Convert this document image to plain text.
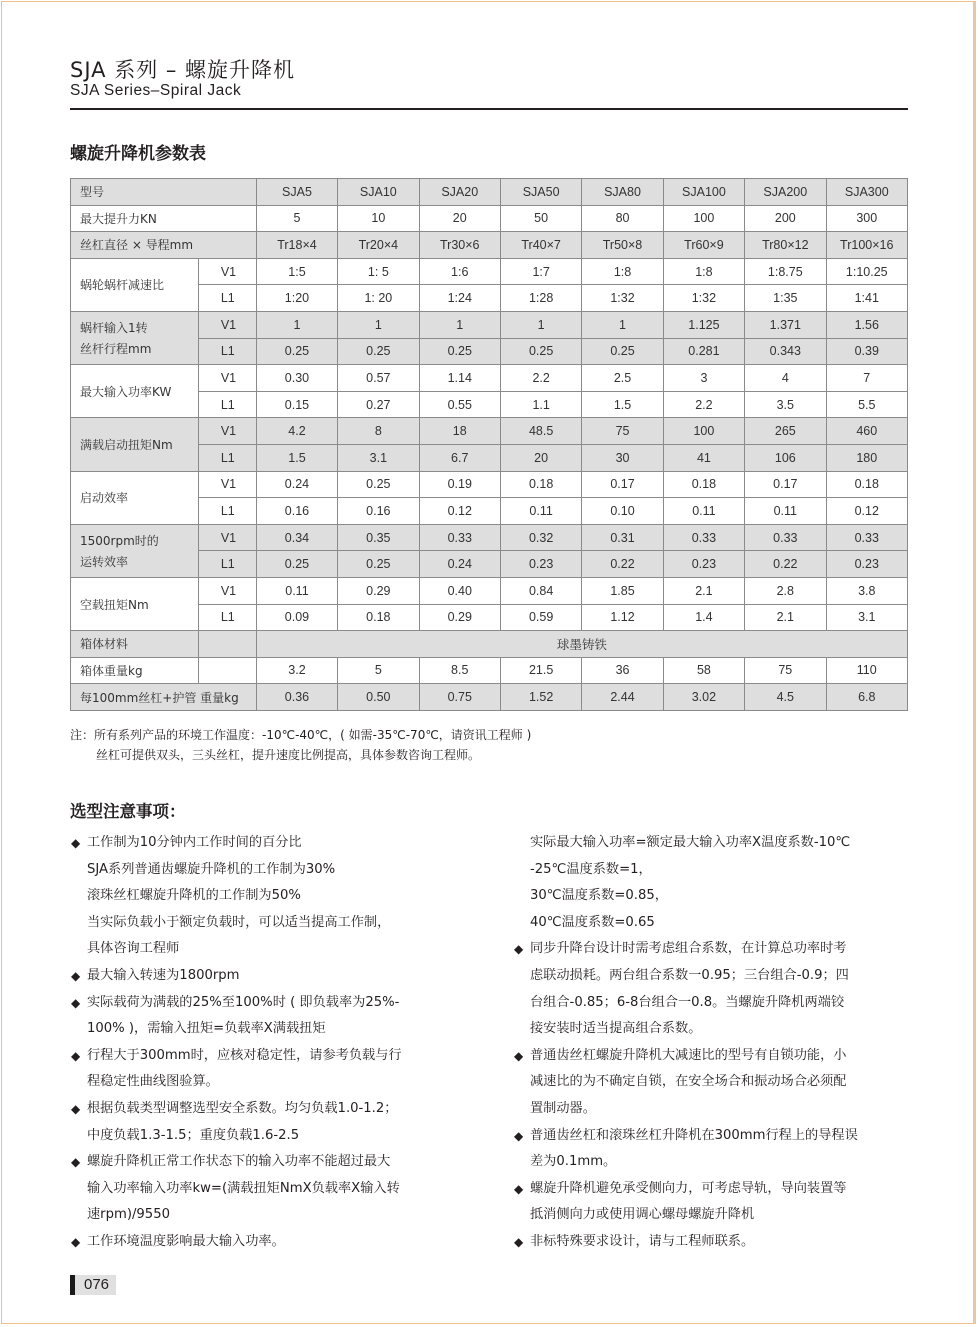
SJA 系列 – 螺旋升降机
SJA Series–Spiral Jack
螺旋升降机参数表
型号		SJA5	SJA10	SJA20	SJA50	SJA80	SJA100	SJA200	SJA300
最大提升力KN		5	10	20	50	80	100	200	300
丝杠直径 × 导程mm		Tr18×4	Tr20×4	Tr30×6	Tr40×7	Tr50×8	Tr60×9	Tr80×12	Tr100×16
蜗轮蜗杆减速比	V1	1:5	1: 5	1:6	1:7	1:8	1:8	1:8.75	1:10.25
	L1	1:20	1: 20	1:24	1:28	1:32	1:32	1:35	1:41

蜗杆输入1转
丝杆行程mm	V1	1	1	1	1	1	1.125	1.371	1.56
	L1	0.25	0.25	0.25	0.25	0.25	0.281	0.343	0.39
最大输入功率KW	V1	0.30	0.57	1.14	2.2	2.5	3	4	7
	L1	0.15	0.27	0.55	1.1	1.5	2.2	3.5	5.5
满载启动扭矩Nm	V1	4.2	8	18	48.5	75	100	265	460
	L1	1.5	3.1	6.7	20	30	41	106	180
启动效率	V1	0.24	0.25	0.19	0.18	0.17	0.18	0.17	0.18
	L1	0.16	0.16	0.12	0.11	0.10	0.11	0.11	0.12

1500rpm时的
运转效率	V1	0.34	0.35	0.33	0.32	0.31	0.33	0.33	0.33
	L1	0.25	0.25	0.24	0.23	0.22	0.23	0.22	0.23
空载扭矩Nm	V1	0.11	0.29	0.40	0.84	1.85	2.1	2.8	3.8
	L1	0.09	0.18	0.29	0.59	1.12	1.4	2.1	3.1
箱体材料		球墨铸铁							
箱体重量kg		3.2	5	8.5	21.5	36	58	75	110
每100mm丝杠+护管 重量kg		0.36	0.50	0.75	1.52	2.44	3.02	4.5	6.8
注：所有系列产品的环境工作温度：-10℃-40℃，( 如需-35℃-70℃，请资讯工程师 )
丝杠可提供双头，三头丝杠，提升速度比例提高，具体参数咨询工程师。
选型注意事项：
◆ 工作制为10分钟内工作时间的百分比
SJA系列普通齿螺旋升降机的工作制为30%
滚珠丝杠螺旋升降机的工作制为50%
当实际负载小于额定负载时，可以适当提高工作制，
具体咨询工程师
◆ 最大输入转速为1800rpm
◆ 实际载荷为满载的25%至100%时 ( 即负载率为25%-
100% )，需输入扭矩=负载率X满载扭矩
◆ 行程大于300mm时，应核对稳定性，请参考负载与行
程稳定性曲线图验算。
◆ 根据负载类型调整选型安全系数。均匀负载1.0-1.2；
中度负载1.3-1.5；重度负载1.6-2.5
◆ 螺旋升降机正常工作状态下的输入功率不能超过最大
输入功率输入功率kw=(满载扭矩NmX负载率X输入转
速rpm)/9550
◆ 工作环境温度影响最大输入功率。
实际最大输入功率=额定最大输入功率X温度系数-10℃
-25℃温度系数=1，
30℃温度系数=0.85，
40℃温度系数=0.65
◆ 同步升降台设计时需考虑组合系数，在计算总功率时考
虑联动损耗。两台组合系数一0.95；三台组合-0.9；四
台组合-0.85；6-8台组合一0.8。当螺旋升降机两端铰
接安装时适当提高组合系数。
◆ 普通齿丝杠螺旋升降机大减速比的型号有自锁功能，小
减速比的为不确定自锁，在安全场合和振动场合必须配
置制动器。
◆ 普通齿丝杠和滚珠丝杠升降机在300mm行程上的导程误
差为0.1mm。
◆ 螺旋升降机避免承受侧向力，可考虑导轨，导向装置等
抵消侧向力或使用调心螺母螺旋升降机
◆ 非标特殊要求设计，请与工程师联系。
076
